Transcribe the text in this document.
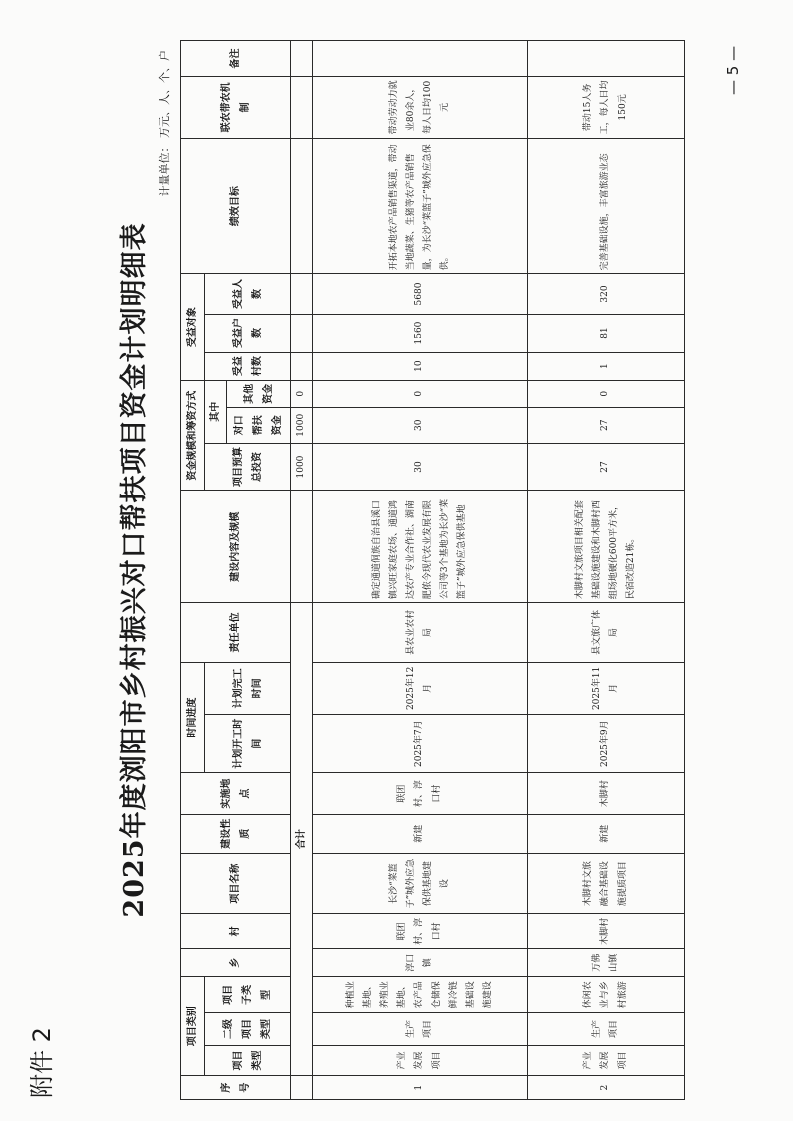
附件 2
— 5 —
2025年度浏阳市乡村振兴对口帮扶项目资金计划明细表
计量单位： 万元、人、个、户
序号	项目类别			乡	村	项目名称	建设性质	实施地点	时间进度		责任单位	建设内容及规模	资金规模和筹资方式			受益对象			绩效目标	联农带农机制	备注
	项目类型	二级项目类型	项目子类型						计划开工时间	计划完工时间			项目预算总投资	其中		受益村数	受益户数	受益人数			
														对口帮扶资金	其他资金						
	合计												1000	1000	0						
1	产业发展项目	生产项目	种植业基地、养殖业基地、农产品仓储保鲜冷链基础设施建设	淳口镇	联团村、淳口村	长沙“菜篮子”城外应急保供基地建设	新建	联团村、淳口村	2025年7月	2025年12月	县农业农村局	确定通道侗族自治县溪口镇兴旺家庭农场、通道鸿达农产专业合作社、湖南肥侬今现代农业发展有限公司等3个基地为长沙“菜篮子”城外应急保供基地	30	30	0	10	1560	5680	开拓本地农产品销售渠道，带动当地蔬菜、生猪等农产品销售量，为长沙“菜篮子”城外应急保供。	带动劳动力就业80余人，每人日均100元	
2	产业发展项目	生产项目	休闲农业与乡村旅游	万佛山镇	木脚村	木脚村文旅融合基础设施提质项目	新建	木脚村	2025年9月	2025年11月	县文旅广体局	木脚村文旅项目相关配套基础设施建设和木脚村西组场地硬化600平方米，民宿改造21栋。	27	27	0	1	81	320	完善基础设施，丰富旅游业态	带动15人务工，每人日均150元	
